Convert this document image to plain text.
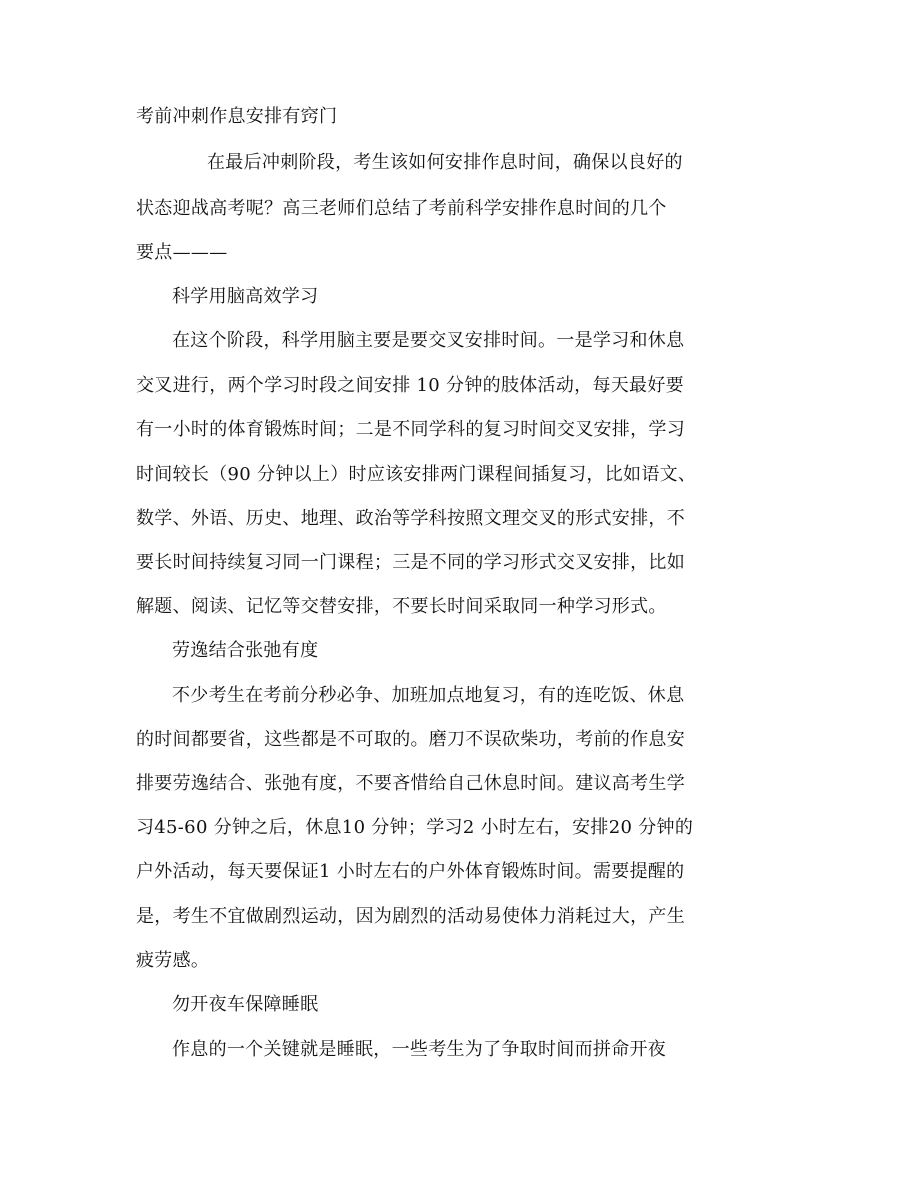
考前冲刺作息安排有窍门
在最后冲刺阶段，考生该如何安排作息时间，确保以良好的
状态迎战高考呢？高三老师们总结了考前科学安排作息时间的几个
要点———
科学用脑高效学习
在这个阶段，科学用脑主要是要交叉安排时间。一是学习和休息
交叉进行，两个学习时段之间安排 10 分钟的肢体活动，每天最好要
有一小时的体育锻炼时间；二是不同学科的复习时间交叉安排，学习
时间较长（90 分钟以上）时应该安排两门课程间插复习，比如语文、
数学、外语、历史、地理、政治等学科按照文理交叉的形式安排，不
要长时间持续复习同一门课程；三是不同的学习形式交叉安排，比如
解题、阅读、记忆等交替安排，不要长时间采取同一种学习形式。
劳逸结合张弛有度
不少考生在考前分秒必争、加班加点地复习，有的连吃饭、休息
的时间都要省，这些都是不可取的。磨刀不误砍柴功，考前的作息安
排要劳逸结合、张弛有度，不要吝惜给自己休息时间。建议高考生学
习45-60 分钟之后，休息10 分钟；学习2 小时左右，安排20 分钟的
户外活动，每天要保证1 小时左右的户外体育锻炼时间。需要提醒的
是，考生不宜做剧烈运动，因为剧烈的活动易使体力消耗过大，产生
疲劳感。
勿开夜车保障睡眠
作息的一个关键就是睡眠，一些考生为了争取时间而拼命开夜
